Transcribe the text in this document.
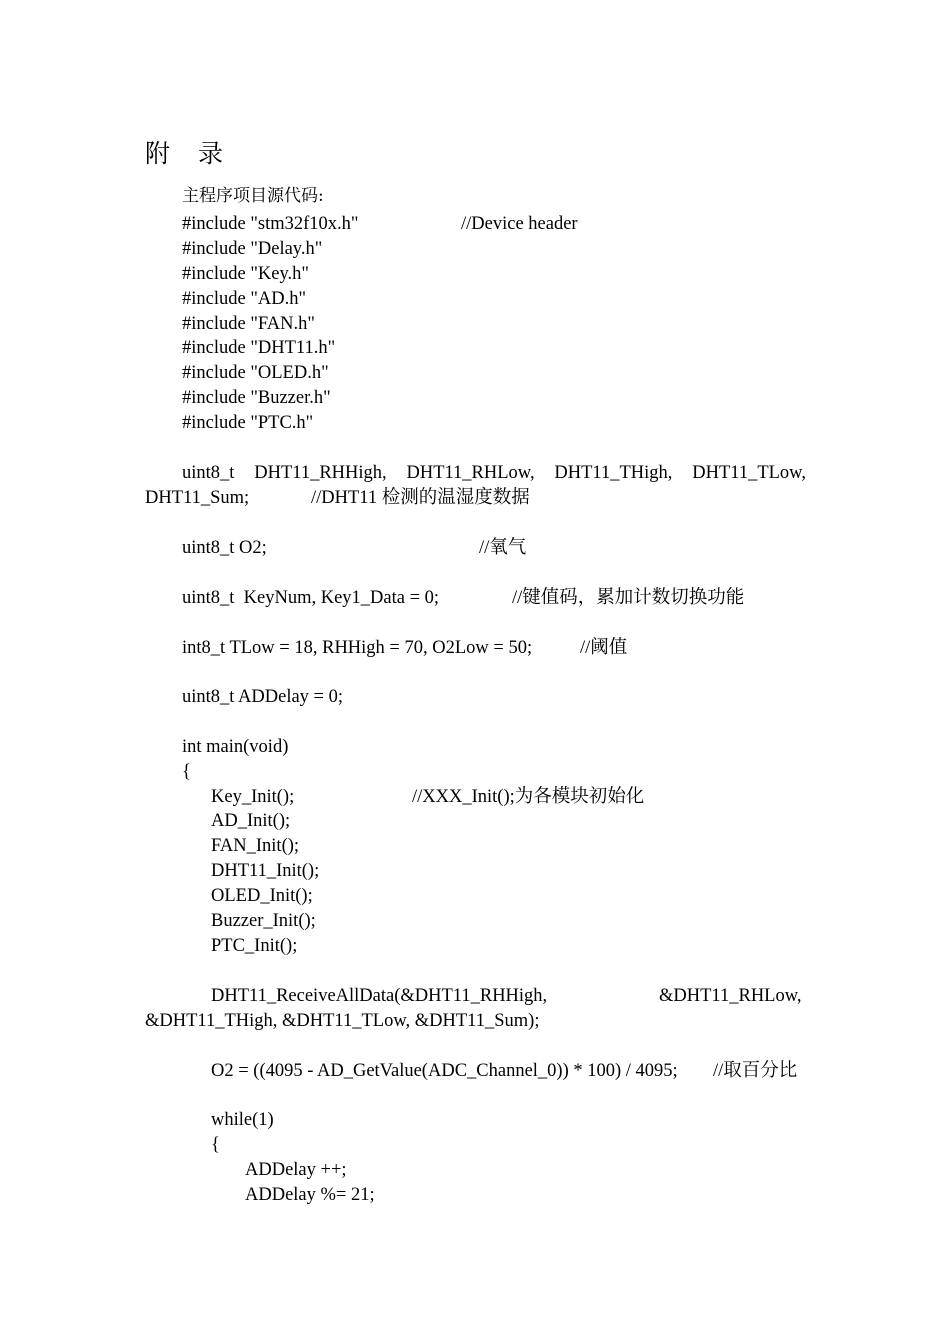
附 录
主程序项目源代码:
#include "stm32f10x.h"	//Device header
#include "Delay.h"
#include "Key.h"
#include "AD.h"
#include "FAN.h"
#include "DHT11.h"
#include "OLED.h"
#include "Buzzer.h"
#include "PTC.h"
uint8_t DHT11_RHHigh, DHT11_RHLow, DHT11_THigh, DHT11_TLow,
DHT11_Sum;	//DHT11 检测的温湿度数据
uint8_t O2;	//氧气
uint8_t  KeyNum, Key1_Data = 0;	//键值码，累加计数切换功能
int8_t TLow = 18, RHHigh = 70, O2Low = 50;	//阈值
uint8_t ADDelay = 0;
int main(void)
{
Key_Init();	//XXX_Init();为各模块初始化
AD_Init();
FAN_Init();
DHT11_Init();
OLED_Init();
Buzzer_Init();
PTC_Init();
DHT11_ReceiveAllData(&DHT11_RHHigh,	&DHT11_RHLow,
&DHT11_THigh, &DHT11_TLow, &DHT11_Sum);
O2 = ((4095 - AD_GetValue(ADC_Channel_0)) * 100) / 4095; //取百分比
while(1)
{
ADDelay ++;
ADDelay %= 21;
